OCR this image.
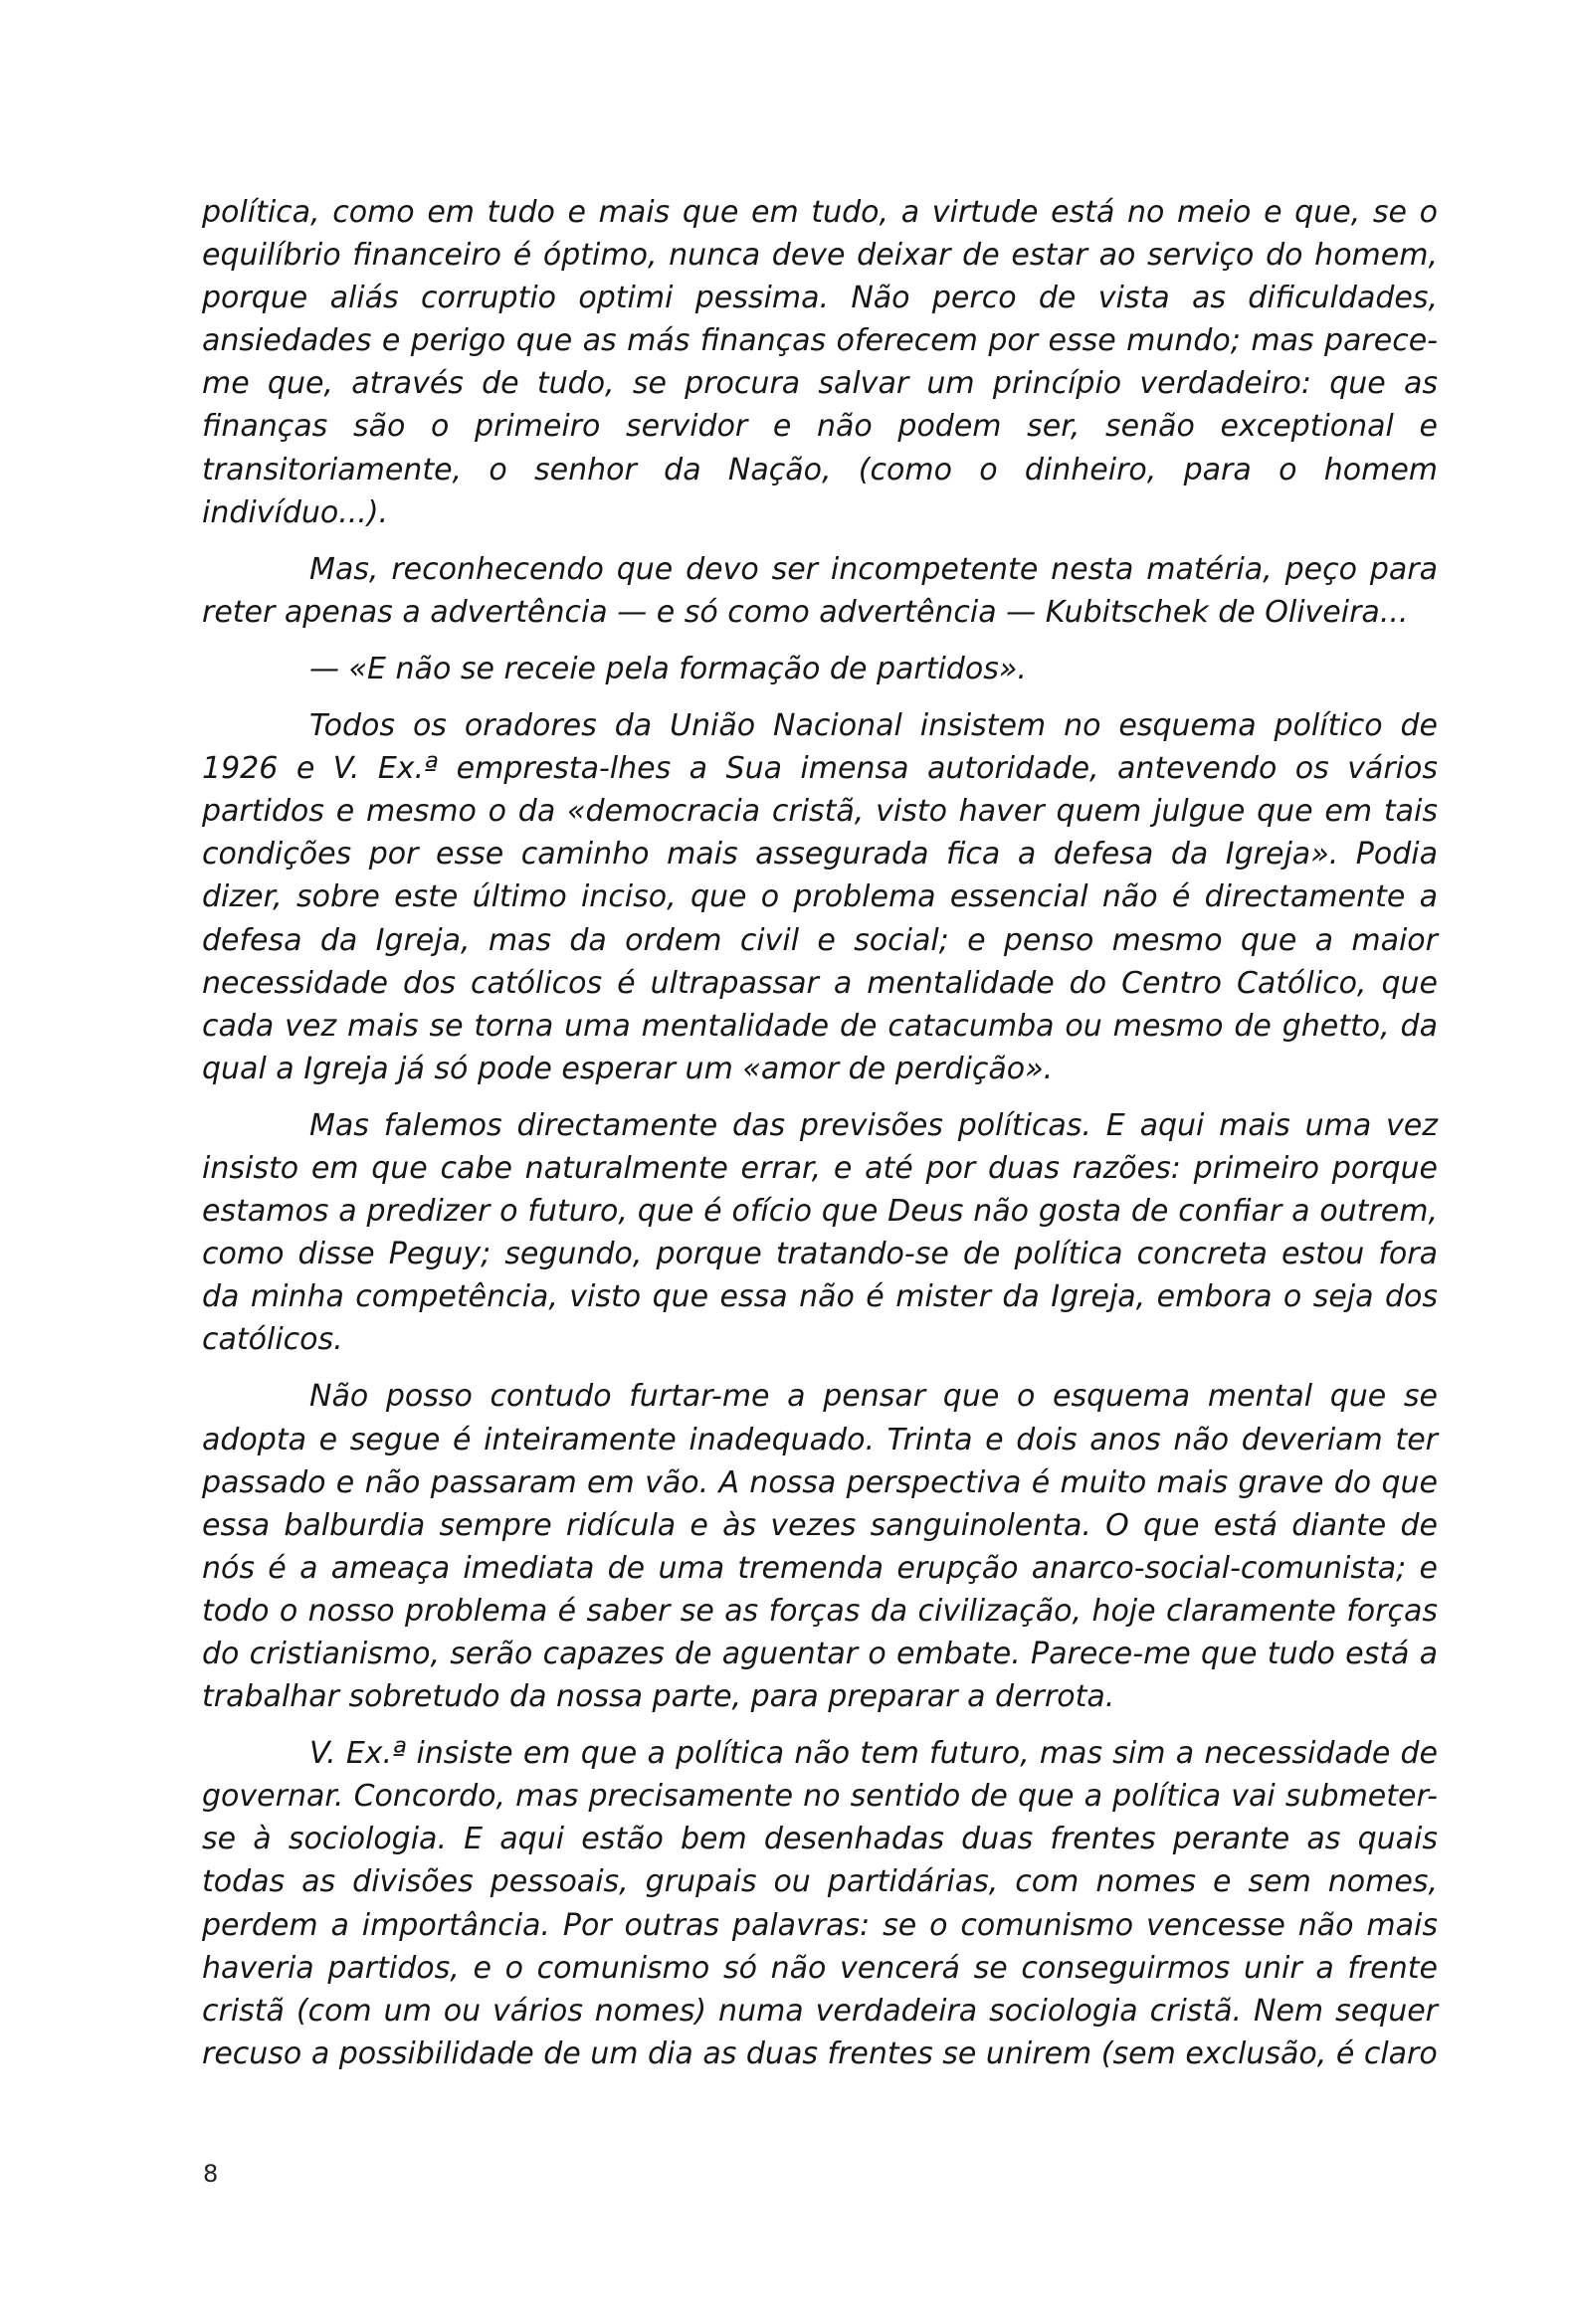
política, como em tudo e mais que em tudo, a virtude está no meio e que, se o equilíbrio financeiro é óptimo, nunca deve deixar de estar ao serviço do homem, porque aliás corruptio optimi pessima. Não perco de vista as dificuldades, ansiedades e perigo que as más finanças oferecem por esse mundo; mas parece-me que, através de tudo, se procura salvar um princípio verdadeiro: que as finanças são o primeiro servidor e não podem ser, senão exceptional e transitoriamente, o senhor da Nação, (como o dinheiro, para o homem indivíduo...).

Mas, reconhecendo que devo ser incompetente nesta matéria, peço para reter apenas a advertência — e só como advertência — Kubitschek de Oliveira...

— «E não se receie pela formação de partidos».

Todos os oradores da União Nacional insistem no esquema político de 1926 e V. Ex.ª empresta-lhes a Sua imensa autoridade, antevendo os vários partidos e mesmo o da «democracia cristã, visto haver quem julgue que em tais condições por esse caminho mais assegurada fica a defesa da Igreja». Podia dizer, sobre este último inciso, que o problema essencial não é directamente a defesa da Igreja, mas da ordem civil e social; e penso mesmo que a maior necessidade dos católicos é ultrapassar a mentalidade do Centro Católico, que cada vez mais se torna uma mentalidade de catacumba ou mesmo de ghetto, da qual a Igreja já só pode esperar um «amor de perdição».

Mas falemos directamente das previsões políticas. E aqui mais uma vez insisto em que cabe naturalmente errar, e até por duas razões: primeiro porque estamos a predizer o futuro, que é ofício que Deus não gosta de confiar a outrem, como disse Peguy; segundo, porque tratando-se de política concreta estou fora da minha competência, visto que essa não é mister da Igreja, embora o seja dos católicos.

Não posso contudo furtar-me a pensar que o esquema mental que se adopta e segue é inteiramente inadequado. Trinta e dois anos não deveriam ter passado e não passaram em vão. A nossa perspectiva é muito mais grave do que essa balburdia sempre ridícula e às vezes sanguinolenta. O que está diante de nós é a ameaça imediata de uma tremenda erupção anarco-social-comunista; e todo o nosso problema é saber se as forças da civilização, hoje claramente forças do cristianismo, serão capazes de aguentar o embate. Parece-me que tudo está a trabalhar sobretudo da nossa parte, para preparar a derrota.

V. Ex.ª insiste em que a política não tem futuro, mas sim a necessidade de governar. Concordo, mas precisamente no sentido de que a política vai submeter-se à sociologia. E aqui estão bem desenhadas duas frentes perante as quais todas as divisões pessoais, grupais ou partidárias, com nomes e sem nomes, perdem a importância. Por outras palavras: se o comunismo vencesse não mais haveria partidos, e o comunismo só não vencerá se conseguirmos unir a frente cristã (com um ou vários nomes) numa verdadeira sociologia cristã. Nem sequer recuso a possibilidade de um dia as duas frentes se unirem (sem exclusão, é claro

8
